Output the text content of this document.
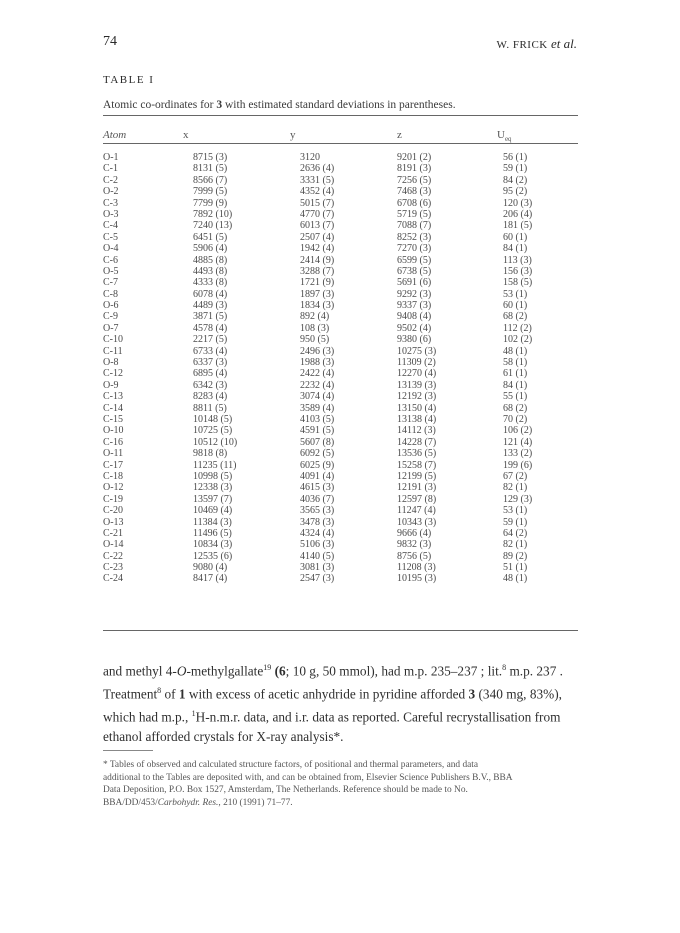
74	W. FRICK et al.
TABLE I
Atomic co-ordinates for 3 with estimated standard deviations in parentheses.
Atom	x	y	z	$U_{eq}$
O-1	8715 (3)	3120	9201 (2)	56 (1)
C-1	8131 (5)	2636 (4)	8191 (3)	59 (1)
C-2	8566 (7)	3331 (5)	7256 (5)	84 (2)
O-2	7999 (5)	4352 (4)	7468 (3)	95 (2)
C-3	7799 (9)	5015 (7)	6708 (6)	120 (3)
O-3	7892 (10)	4770 (7)	5719 (5)	206 (4)
C-4	7240 (13)	6013 (7)	7088 (7)	181 (5)
C-5	6451 (5)	2507 (4)	8252 (3)	60 (1)
O-4	5906 (4)	1942 (4)	7270 (3)	84 (1)
C-6	4885 (8)	2414 (9)	6599 (5)	113 (3)
O-5	4493 (8)	3288 (7)	6738 (5)	156 (3)
C-7	4333 (8)	1721 (9)	5691 (6)	158 (5)
C-8	6078 (4)	1897 (3)	9292 (3)	53 (1)
O-6	4489 (3)	1834 (3)	9337 (3)	60 (1)
C-9	3871 (5)	892 (4)	9408 (4)	68 (2)
O-7	4578 (4)	108 (3)	9502 (4)	112 (2)
C-10	2217 (5)	950 (5)	9380 (6)	102 (2)
C-11	6733 (4)	2496 (3)	10275 (3)	48 (1)
O-8	6337 (3)	1988 (3)	11309 (2)	58 (1)
C-12	6895 (4)	2422 (4)	12270 (4)	61 (1)
O-9	6342 (3)	2232 (4)	13139 (3)	84 (1)
C-13	8283 (4)	3074 (4)	12192 (3)	55 (1)
C-14	8811 (5)	3589 (4)	13150 (4)	68 (2)
C-15	10148 (5)	4103 (5)	13138 (4)	70 (2)
O-10	10725 (5)	4591 (5)	14112 (3)	106 (2)
C-16	10512 (10)	5607 (8)	14228 (7)	121 (4)
O-11	9818 (8)	6092 (5)	13536 (5)	133 (2)
C-17	11235 (11)	6025 (9)	15258 (7)	199 (6)
C-18	10998 (5)	4091 (4)	12199 (5)	67 (2)
O-12	12338 (3)	4615 (3)	12191 (3)	82 (1)
C-19	13597 (7)	4036 (7)	12597 (8)	129 (3)
C-20	10469 (4)	3565 (3)	11247 (4)	53 (1)
O-13	11384 (3)	3478 (3)	10343 (3)	59 (1)
C-21	11496 (5)	4324 (4)	9666 (4)	64 (2)
O-14	10834 (3)	5106 (3)	9832 (3)	82 (1)
C-22	12535 (6)	4140 (5)	8756 (5)	89 (2)
C-23	9080 (4)	3081 (3)	11208 (3)	51 (1)
C-24	8417 (4)	2547 (3)	10195 (3)	48 (1)
and methyl 4-O-methylgallate$^{19}$ (6; 10 g, 50 mmol), had m.p. 235–237 ; lit.$^8$ m.p. 237 .
Treatment$^8$ of 1 with excess of acetic anhydride in pyridine afforded 3 (340 mg, 83%),
which had m.p., $^1$H-n.m.r. data, and i.r. data as reported. Careful recrystallisation from
ethanol afforded crystals for X-ray analysis*.
* Tables of observed and calculated structure factors, of positional and thermal parameters, and data
additional to the Tables are deposited with, and can be obtained from, Elsevier Science Publishers B.V., BBA
Data Deposition, P.O. Box 1527, Amsterdam, The Netherlands. Reference should be made to No.
BBA/DD/453/Carbohydr. Res., 210 (1991) 71–77.
